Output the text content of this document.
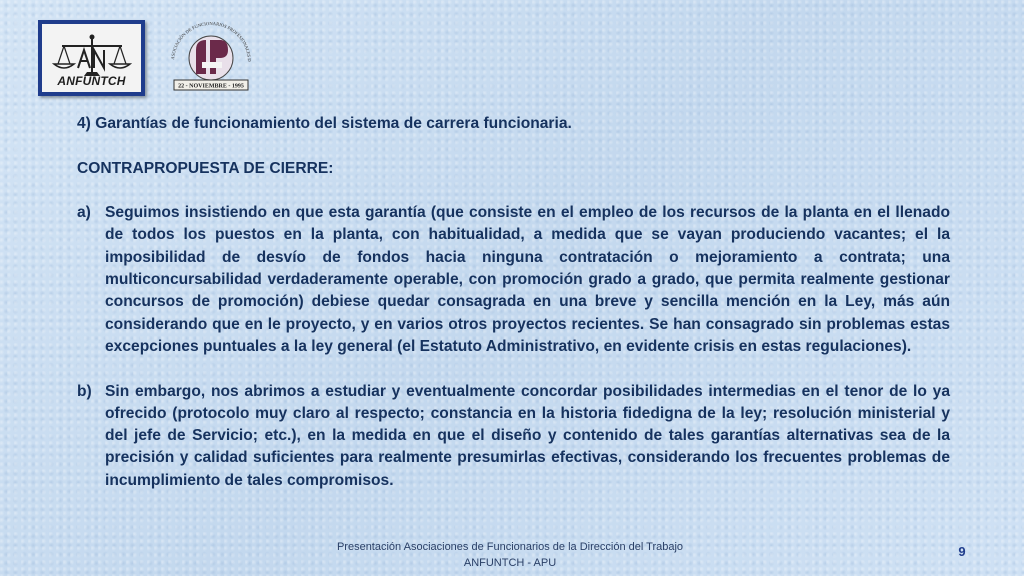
ANFUNTCH
ASOCIACIÓN DE FUNCIONARIOS PROFESIONALES D
22 - NOVIEMBRE - 1995

4) Garantías de funcionamiento del sistema de carrera funcionaria.

CONTRAPROPUESTA DE CIERRE:

a) Seguimos insistiendo en que esta garantía (que consiste en el empleo de los recursos de la planta en el llenado de todos los puestos en la planta, con habitualidad, a medida que se vayan produciendo vacantes; el la imposibilidad de desvío de fondos hacia ninguna contratación o mejoramiento a contrata; una multiconcursabilidad verdaderamente operable, con promoción grado a grado, que permita realmente gestionar concursos de promoción) debiese quedar consagrada en una breve y sencilla mención en la Ley, más aún considerando que en le proyecto, y en varios otros proyectos recientes. Se han consagrado sin problemas estas excepciones puntuales a la ley general (el Estatuto Administrativo, en evidente crisis en estas regulaciones).
b) Sin embargo, nos abrimos a estudiar y eventualmente concordar posibilidades intermedias en el tenor de lo ya ofrecido (protocolo muy claro al respecto; constancia en la historia fidedigna de la ley; resolución ministerial y del jefe de Servicio; etc.), en la medida en que el diseño y contenido de tales garantías alternativas sea de la precisión y calidad suficientes para realmente presumirlas efectivas, considerando los frecuentes problemas de incumplimiento de tales compromisos.
Presentación Asociaciones de Funcionarios de la Dirección del Trabajo
ANFUNTCH - APU
9
